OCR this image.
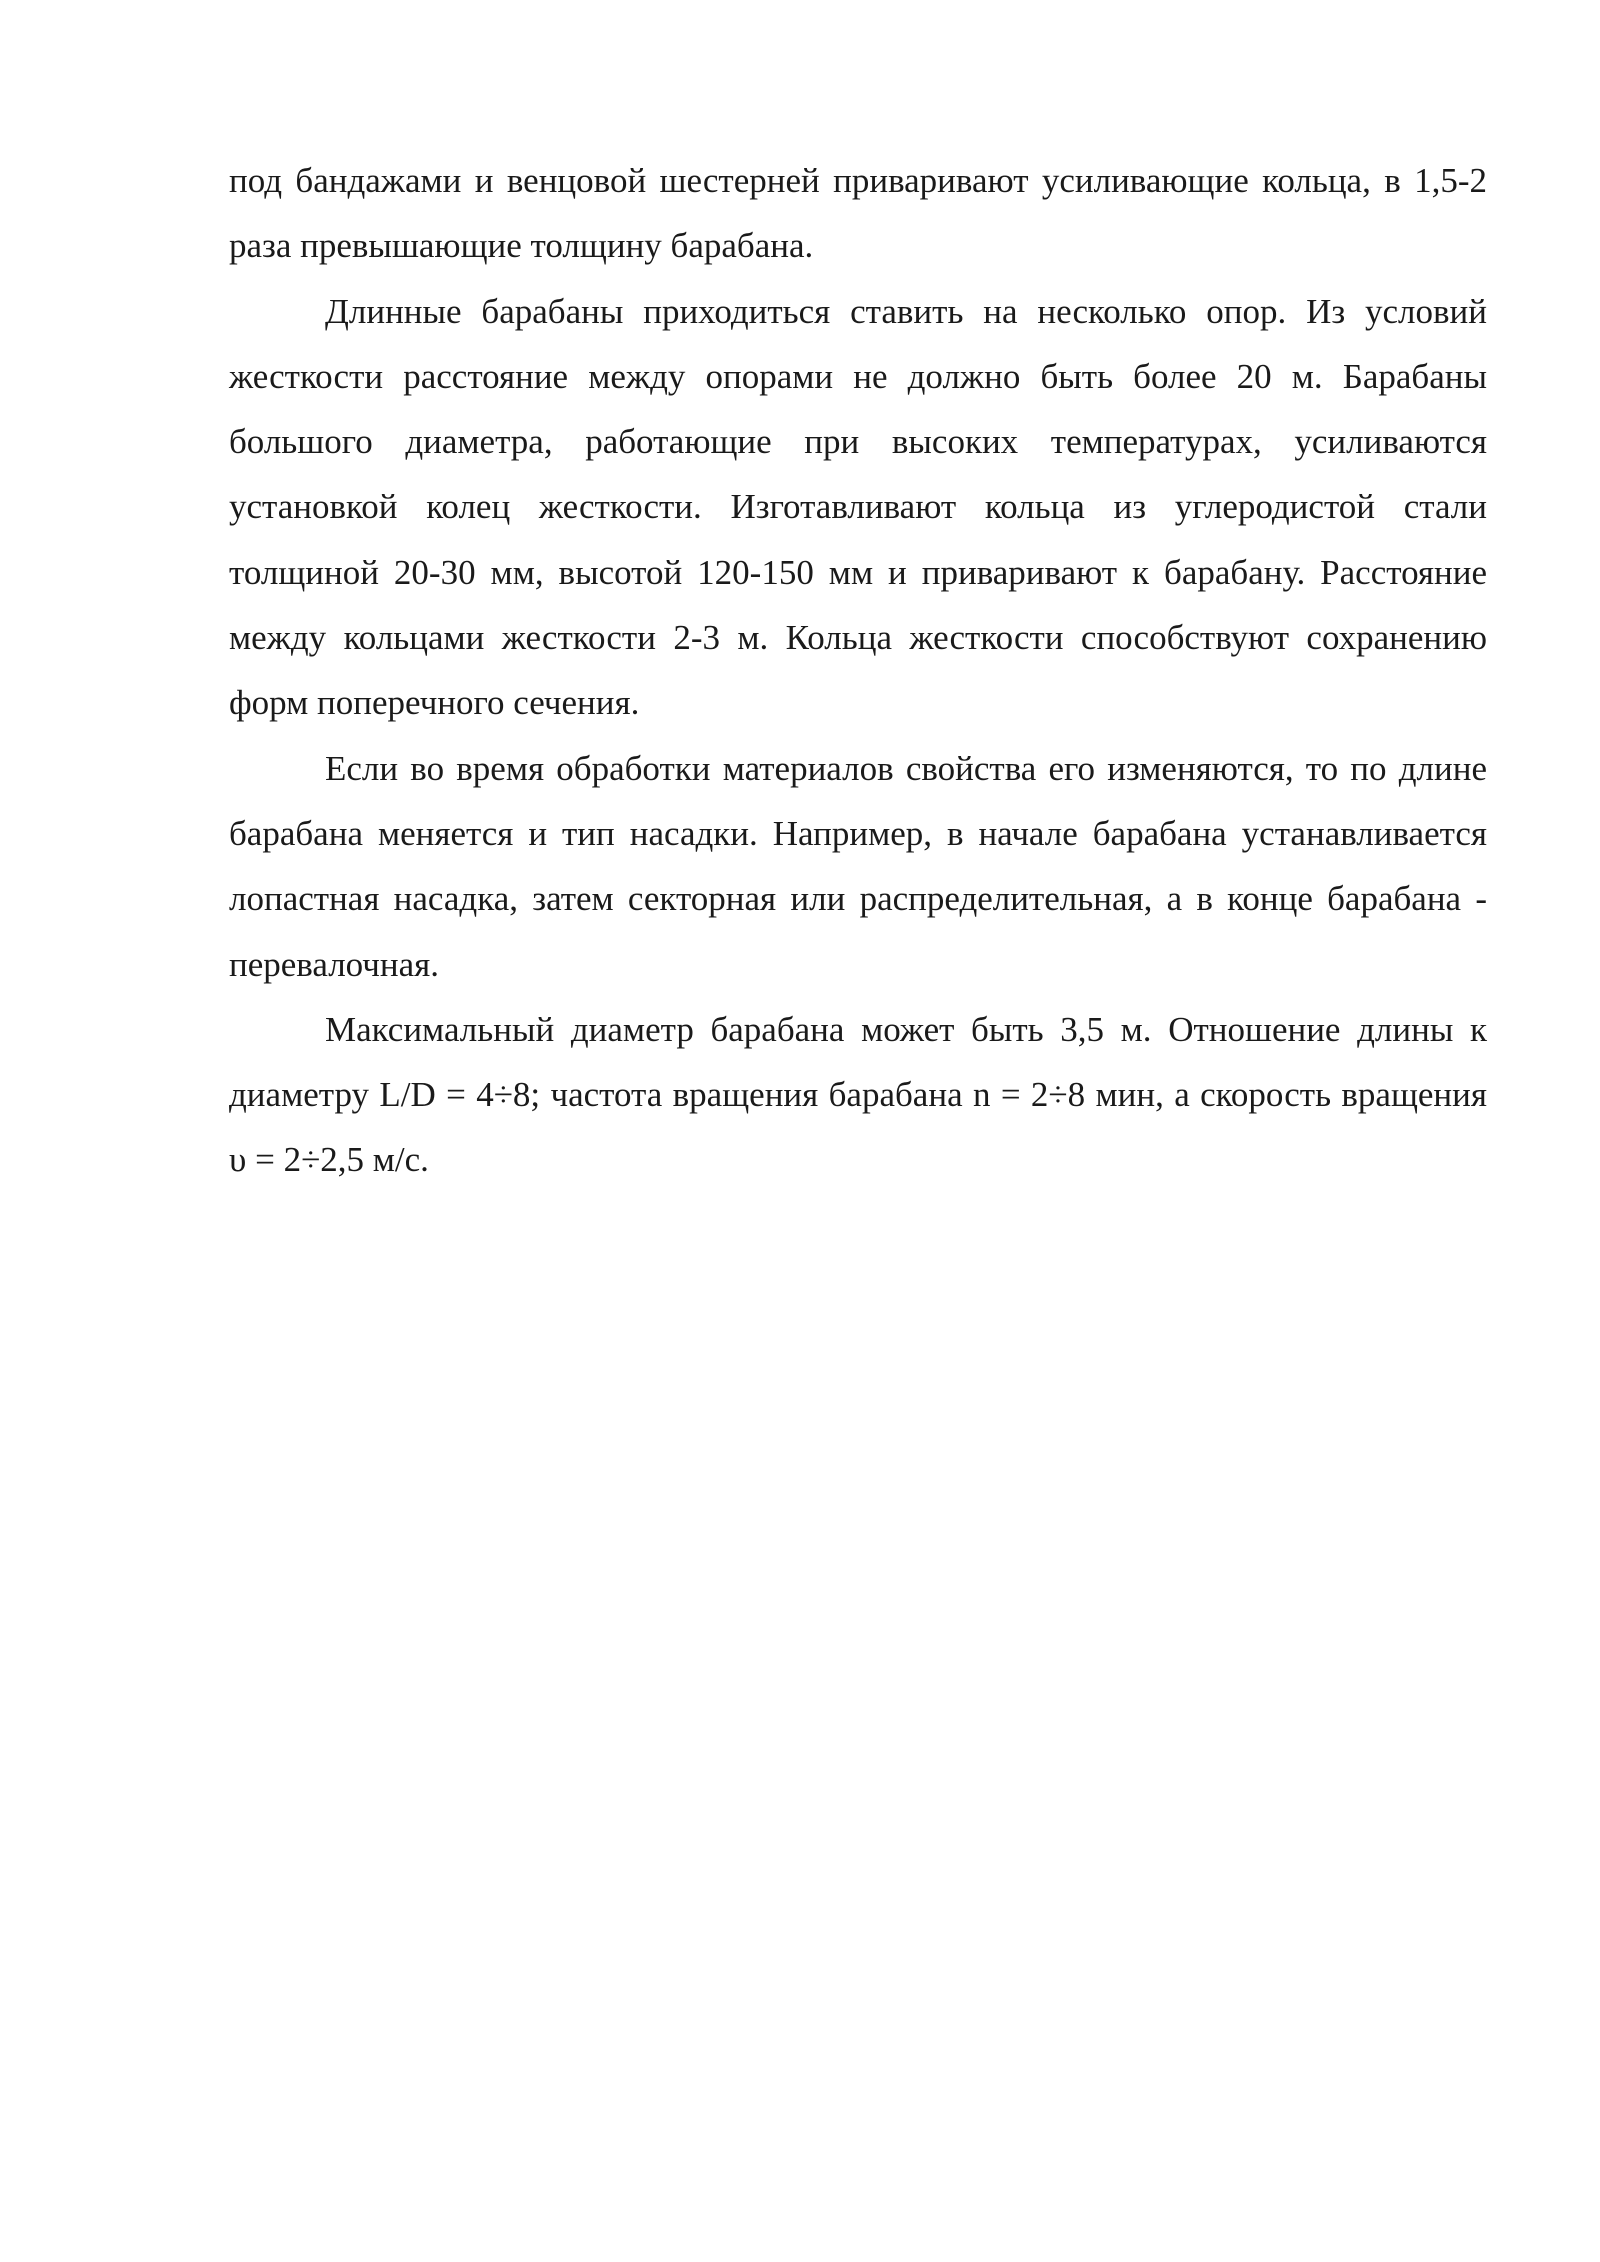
под бандажами и венцовой шестерней приваривают усиливающие кольца, в 1,5-2 раза превышающие толщину барабана.

Длинные барабаны приходиться ставить на несколько опор. Из условий жесткости расстояние между опорами не должно быть более 20 м. Барабаны большого диаметра, работающие при высоких температурах, усиливаются установкой колец жесткости. Изготавливают кольца из углеродистой стали толщиной 20-30 мм, высотой 120-150 мм и приваривают к барабану. Расстояние между кольцами жесткости 2-3 м. Кольца жесткости способствуют сохранению форм поперечного сечения.

Если во время обработки материалов свойства его изменяются, то по длине барабана меняется и тип насадки. Например, в начале барабана устанавливается лопастная насадка, затем секторная или распределительная, а в конце барабана - перевалочная.

Максимальный диаметр барабана может быть 3,5 м. Отношение длины к диаметру L/D = 4÷8; частота вращения барабана n = 2÷8 мин, а скорость вращения υ = 2÷2,5 м/с.
